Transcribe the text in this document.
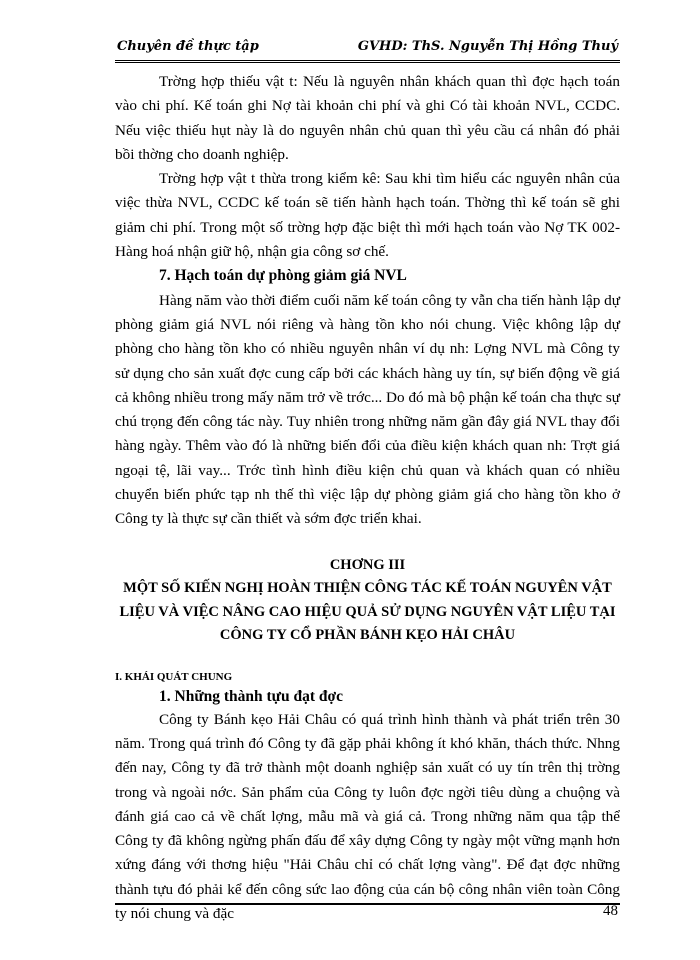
Chuyên đề thực tập	GVHD: ThS. Nguyễn Thị Hồng Thuý

Trờng hợp thiếu vật t: Nếu là nguyên nhân khách quan thì đợc hạch toán vào chi phí. Kế toán ghi Nợ tài khoản chi phí và ghi Có tài khoản NVL, CCDC. Nếu việc thiếu hụt này là do nguyên nhân chủ quan thì yêu cầu cá nhân đó phải bồi thờng cho doanh nghiệp.

Trờng hợp vật t thừa trong kiểm kê: Sau khi tìm hiểu các nguyên nhân của việc thừa NVL, CCDC kế toán sẽ tiến hành hạch toán. Thờng thì kế toán sẽ ghi giảm chi phí. Trong một số trờng hợp đặc biệt thì mới hạch toán vào Nợ TK 002- Hàng hoá nhận giữ hộ, nhận gia công sơ chế.

7. Hạch toán dự phòng giảm giá NVL

Hàng năm vào thời điểm cuối năm kế toán công ty vẫn cha tiến hành lập dự phòng giảm giá NVL nói riêng và hàng tồn kho nói chung. Việc không lập dự phòng cho hàng tồn kho có nhiều nguyên nhân ví dụ nh: Lợng NVL mà Công ty sử dụng cho sản xuất đợc cung cấp bởi các khách hàng uy tín, sự biến động về giá cả không nhiều trong mấy năm trở về trớc... Do đó mà bộ phận kế toán cha thực sự chú trọng đến công tác này. Tuy nhiên trong những năm gần đây giá NVL thay đổi hàng ngày. Thêm vào đó là những biến đổi của điều kiện khách quan nh: Trợt giá ngoại tệ, lãi vay... Trớc tình hình điều kiện chủ quan và khách quan có nhiều chuyển biến phức tạp nh thế thì việc lập dự phòng giảm giá cho hàng tồn kho ở Công ty là thực sự cần thiết và sớm đợc triển khai.

CHƠNG III
MỘT SỐ KIẾN NGHỊ HOÀN THIỆN CÔNG TÁC KẾ TOÁN NGUYÊN VẬT LIỆU VÀ VIỆC NÂNG CAO HIỆU QUẢ SỬ DỤNG NGUYÊN VẬT LIỆU TẠI CÔNG TY CỔ PHẦN BÁNH KẸO HẢI CHÂU
I. KHÁI QUÁT CHUNG
1. Những thành tựu đạt đợc

Công ty Bánh kẹo Hải Châu có quá trình hình thành và phát triển trên 30 năm. Trong quá trình đó Công ty đã gặp phải không ít khó khăn, thách thức. Nhng đến nay, Công ty đã trở thành một doanh nghiệp sản xuất có uy tín trên thị trờng trong và ngoài nớc. Sản phẩm của Công ty luôn đợc ngời tiêu dùng a chuộng và đánh giá cao cả về chất lợng, mẫu mã và giá cả. Trong những năm qua tập thể Công ty đã không ngừng phấn đấu để xây dựng Công ty ngày một vững mạnh hơn xứng đáng với thơng hiệu "Hải Châu chỉ có chất lợng vàng". Để đạt đợc những thành tựu đó phải kể đến công sức lao động của cán bộ công nhân viên toàn Công ty nói chung và đặc	48
